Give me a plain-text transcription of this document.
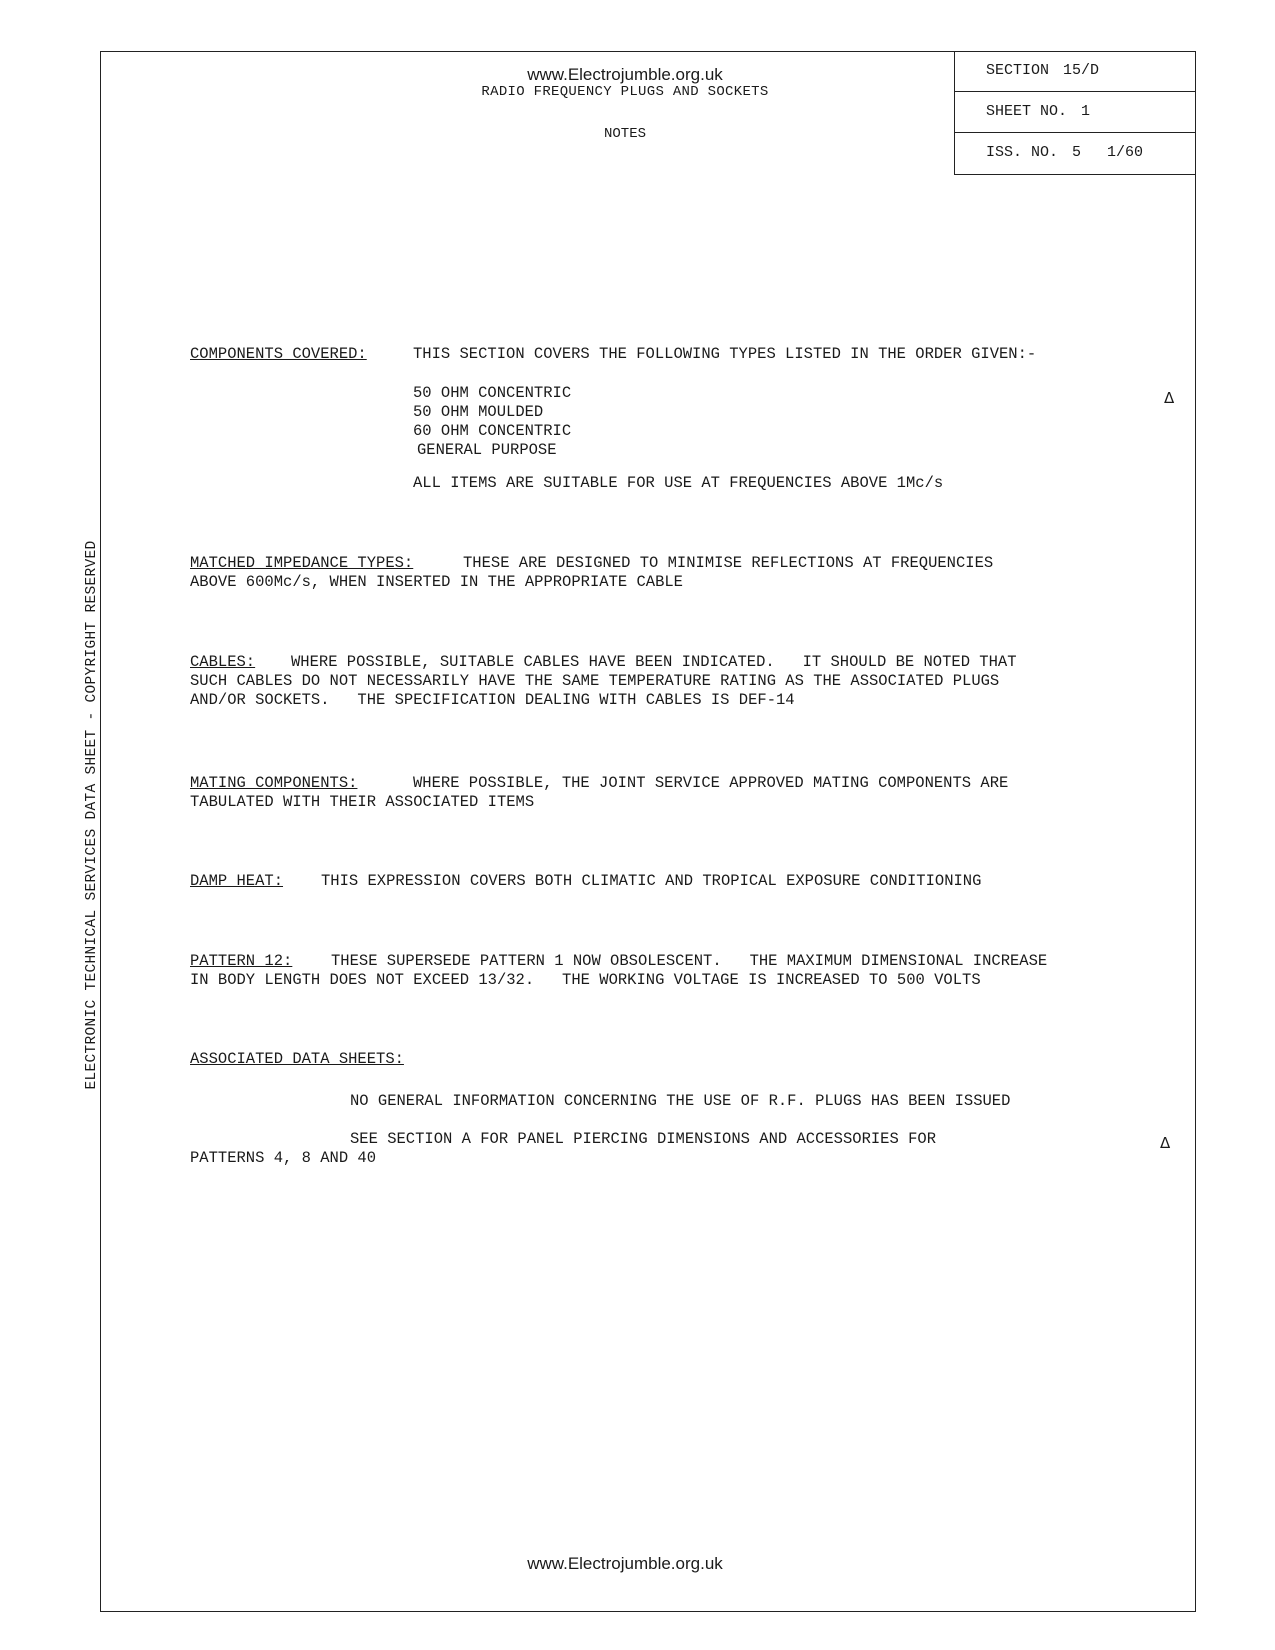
www.Electrojumble.org.uk
RADIO FREQUENCY PLUGS AND SOCKETS
NOTES
SECTION 15/D
SHEET NO. 1
ISS. NO. 5 1/60
COMPONENTS COVERED:	THIS SECTION COVERS THE FOLLOWING TYPES LISTED IN THE ORDER GIVEN:-
50 OHM CONCENTRIC
50 OHM MOULDED
60 OHM CONCENTRIC
GENERAL PURPOSE
ALL ITEMS ARE SUITABLE FOR USE AT FREQUENCIES ABOVE 1Mc/s
Δ
MATCHED IMPEDANCE TYPES:	THESE ARE DESIGNED TO MINIMISE REFLECTIONS AT FREQUENCIES
ABOVE 600Mc/s, WHEN INSERTED IN THE APPROPRIATE CABLE
CABLES: WHERE POSSIBLE, SUITABLE CABLES HAVE BEEN INDICATED.   IT SHOULD BE NOTED THAT
SUCH CABLES DO NOT NECESSARILY HAVE THE SAME TEMPERATURE RATING AS THE ASSOCIATED PLUGS
AND/OR SOCKETS.   THE SPECIFICATION DEALING WITH CABLES IS DEF-14
MATING COMPONENTS:	WHERE POSSIBLE, THE JOINT SERVICE APPROVED MATING COMPONENTS ARE
TABULATED WITH THEIR ASSOCIATED ITEMS
DAMP HEAT: THIS EXPRESSION COVERS BOTH CLIMATIC AND TROPICAL EXPOSURE CONDITIONING
PATTERN 12: THESE SUPERSEDE PATTERN 1 NOW OBSOLESCENT.   THE MAXIMUM DIMENSIONAL INCREASE
IN BODY LENGTH DOES NOT EXCEED 13/32.   THE WORKING VOLTAGE IS INCREASED TO 500 VOLTS
ASSOCIATED DATA SHEETS:
NO GENERAL INFORMATION CONCERNING THE USE OF R.F. PLUGS HAS BEEN ISSUED
SEE SECTION A FOR PANEL PIERCING DIMENSIONS AND ACCESSORIES FOR
PATTERNS 4, 8 AND 40
Δ
ELECTRONIC TECHNICAL SERVICES DATA SHEET - COPYRIGHT RESERVED
www.Electrojumble.org.uk
